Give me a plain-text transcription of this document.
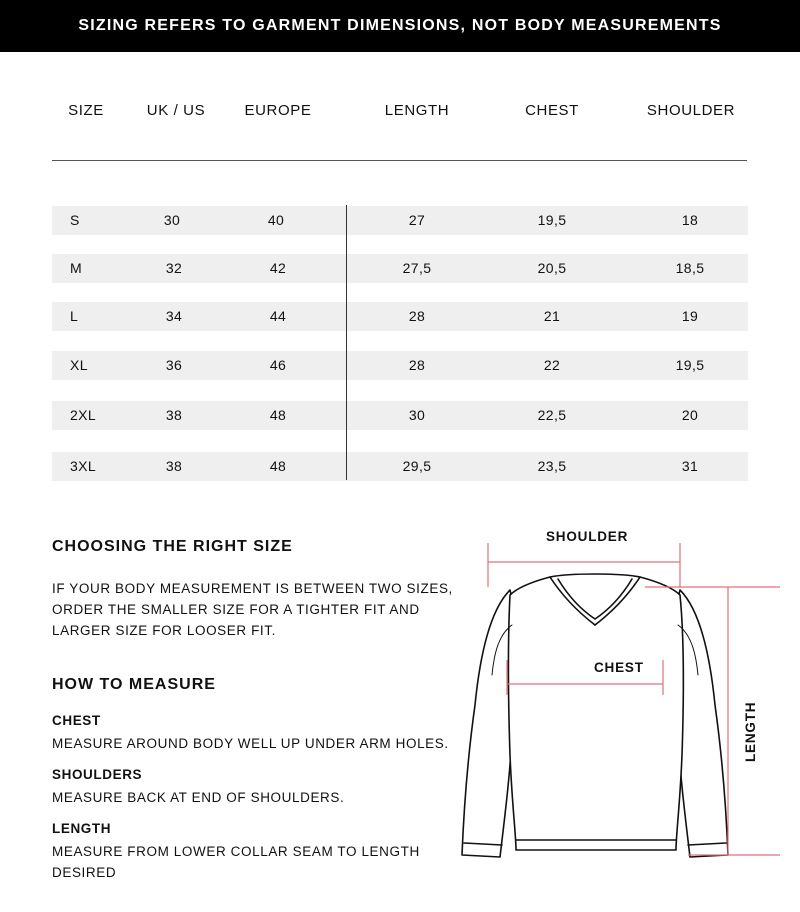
SIZING REFERS TO GARMENT DIMENSIONS, NOT BODY MEASUREMENTS
SIZE	UK / US	EUROPE	LENGTH	CHEST	SHOULDER
S	30	40	27	19,5	18
M	32	42	27,5	20,5	18,5
L	34	44	28	21	19
XL	36	46	28	22	19,5
2XL	38	48	30	22,5	20
3XL	38	48	29,5	23,5	31
CHOOSING THE RIGHT SIZE
IF YOUR BODY MEASUREMENT IS BETWEEN TWO SIZES, ORDER THE SMALLER SIZE FOR A TIGHTER FIT AND LARGER SIZE FOR LOOSER FIT.
HOW TO MEASURE
CHEST
MEASURE AROUND BODY WELL UP UNDER ARM HOLES.
SHOULDERS
MEASURE BACK AT END OF SHOULDERS.
LENGTH
MEASURE FROM LOWER COLLAR SEAM TO LENGTH DESIRED
SHOULDER
CHEST
LENGTH
